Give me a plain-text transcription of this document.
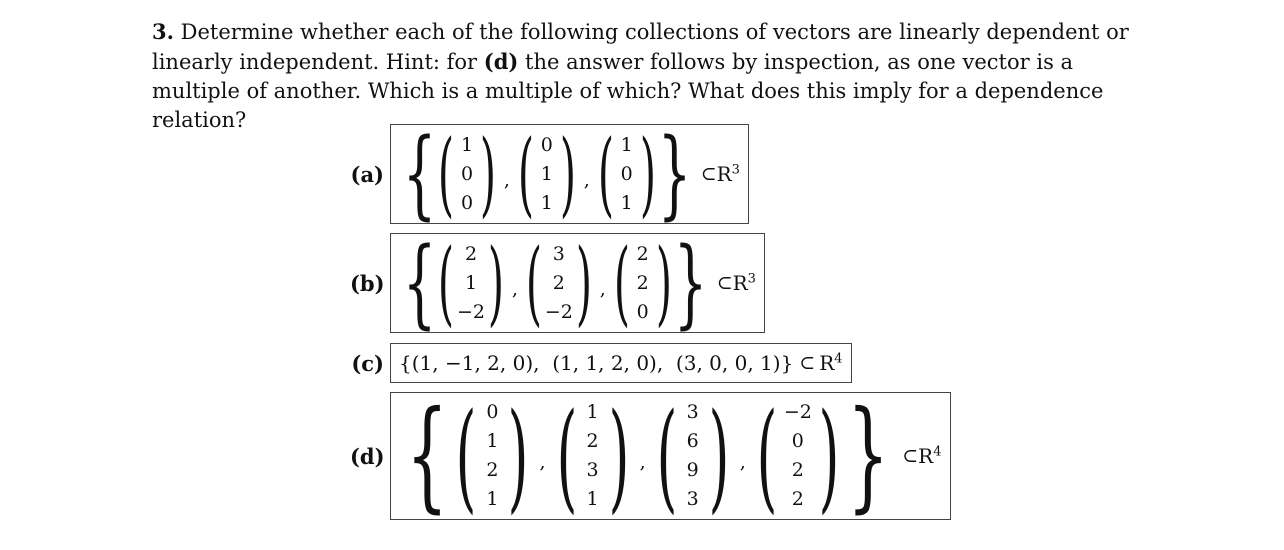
3. Determine whether each of the following collections of vectors are linearly dependent or linearly independent. Hint: for (d) the answer follows by inspection, as one vector is a multiple of another. Which is a multiple of which? What does this imply for a dependence relation?
(a) { ( 1
0
0 ) , ( 0
1
1 ) , ( 1
0
1 ) } ⊂ $R^3$
(b) { ( 2
1
−2 ) , ( 3
2
−2 ) , ( 2
2
0 ) } ⊂ $R^3$
(c) {(1, −1, 2, 0),  (1, 1, 2, 0),  (3, 0, 0, 1)} ⊂ $R^4$
(d) { ( 0
1
2
1 ) , ( 1
2
3
1 ) , ( 3
6
9
3 ) , ( −2
0
2
2 ) } ⊂ $R^4$
